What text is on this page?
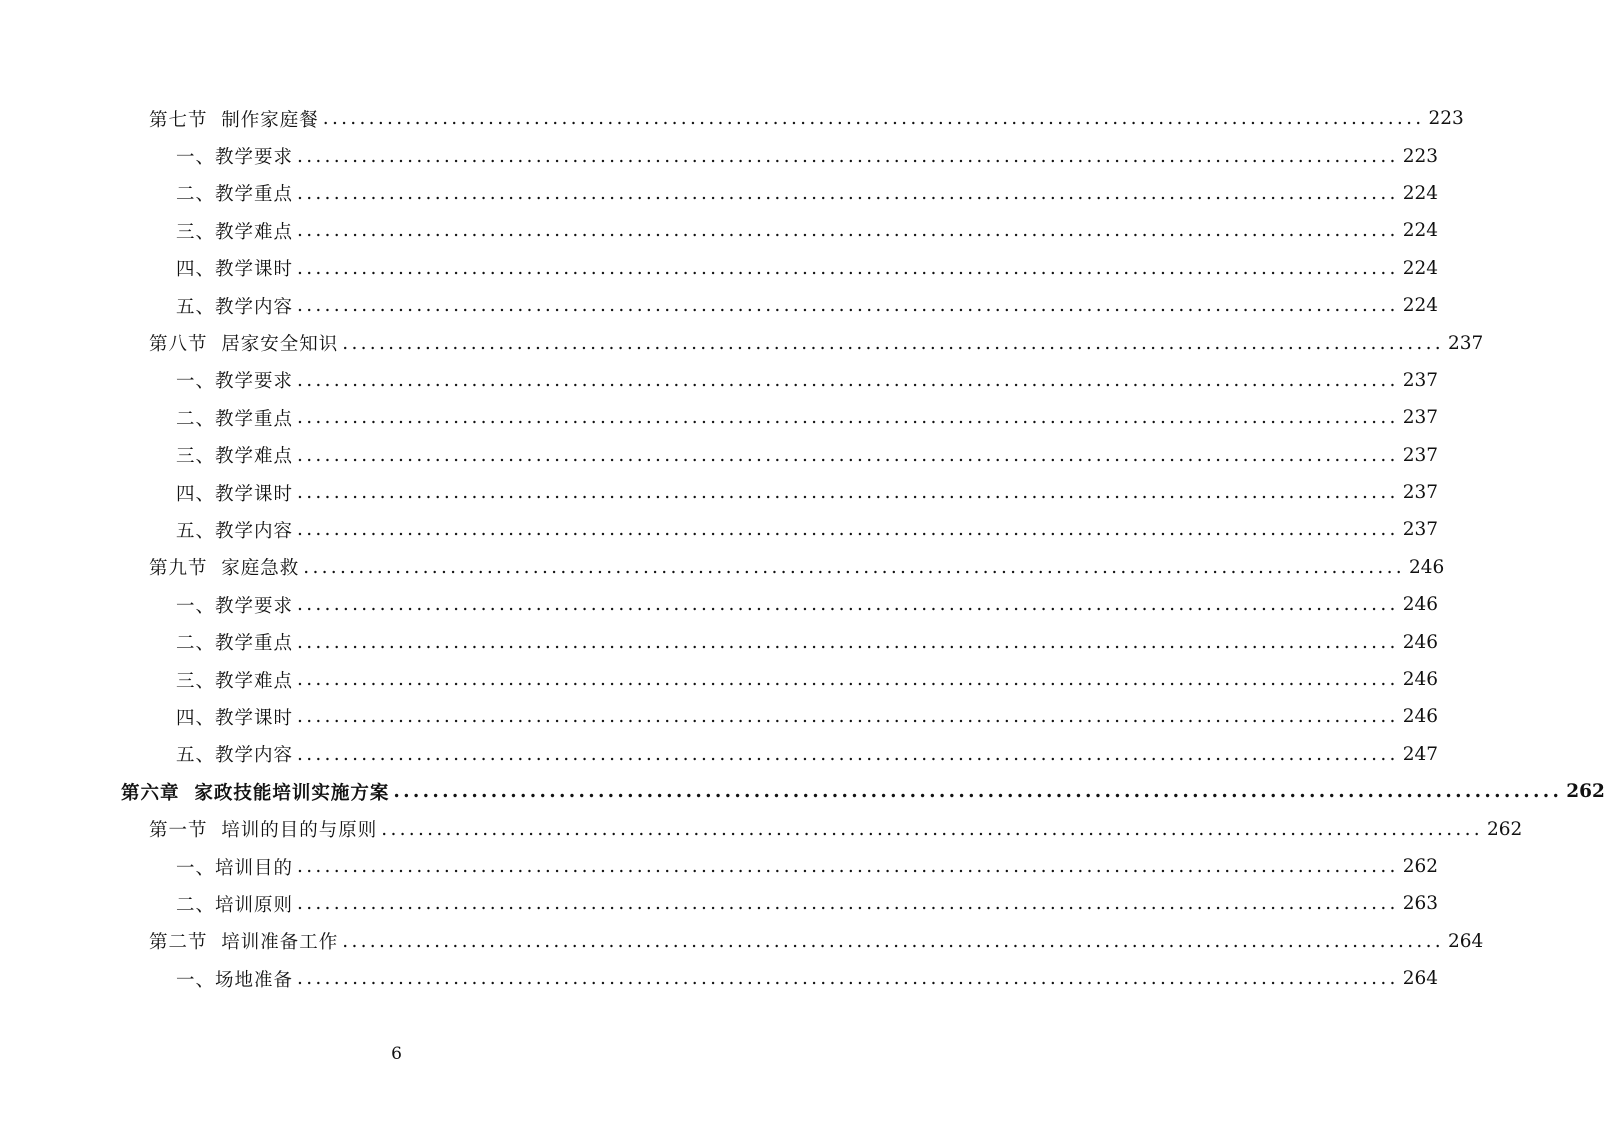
第七节  制作家庭餐 ........................................................................................................................ 223
一、教学要求 ........................................................................................................................ 223
二、教学重点 ........................................................................................................................ 224
三、教学难点 ........................................................................................................................ 224
四、教学课时 ........................................................................................................................ 224
五、教学内容 ........................................................................................................................ 224
第八节  居家安全知识 ........................................................................................................................ 237
一、教学要求 ........................................................................................................................ 237
二、教学重点 ........................................................................................................................ 237
三、教学难点 ........................................................................................................................ 237
四、教学课时 ........................................................................................................................ 237
五、教学内容 ........................................................................................................................ 237
第九节  家庭急救 ........................................................................................................................ 246
一、教学要求 ........................................................................................................................ 246
二、教学重点 ........................................................................................................................ 246
三、教学难点 ........................................................................................................................ 246
四、教学课时 ........................................................................................................................ 246
五、教学内容 ........................................................................................................................ 247
第六章  家政技能培训实施方案 ........................................................................................................................ 262
第一节  培训的目的与原则 ........................................................................................................................ 262
一、培训目的 ........................................................................................................................ 262
二、培训原则 ........................................................................................................................ 263
第二节  培训准备工作 ........................................................................................................................ 264
一、场地准备 ........................................................................................................................ 264
6
